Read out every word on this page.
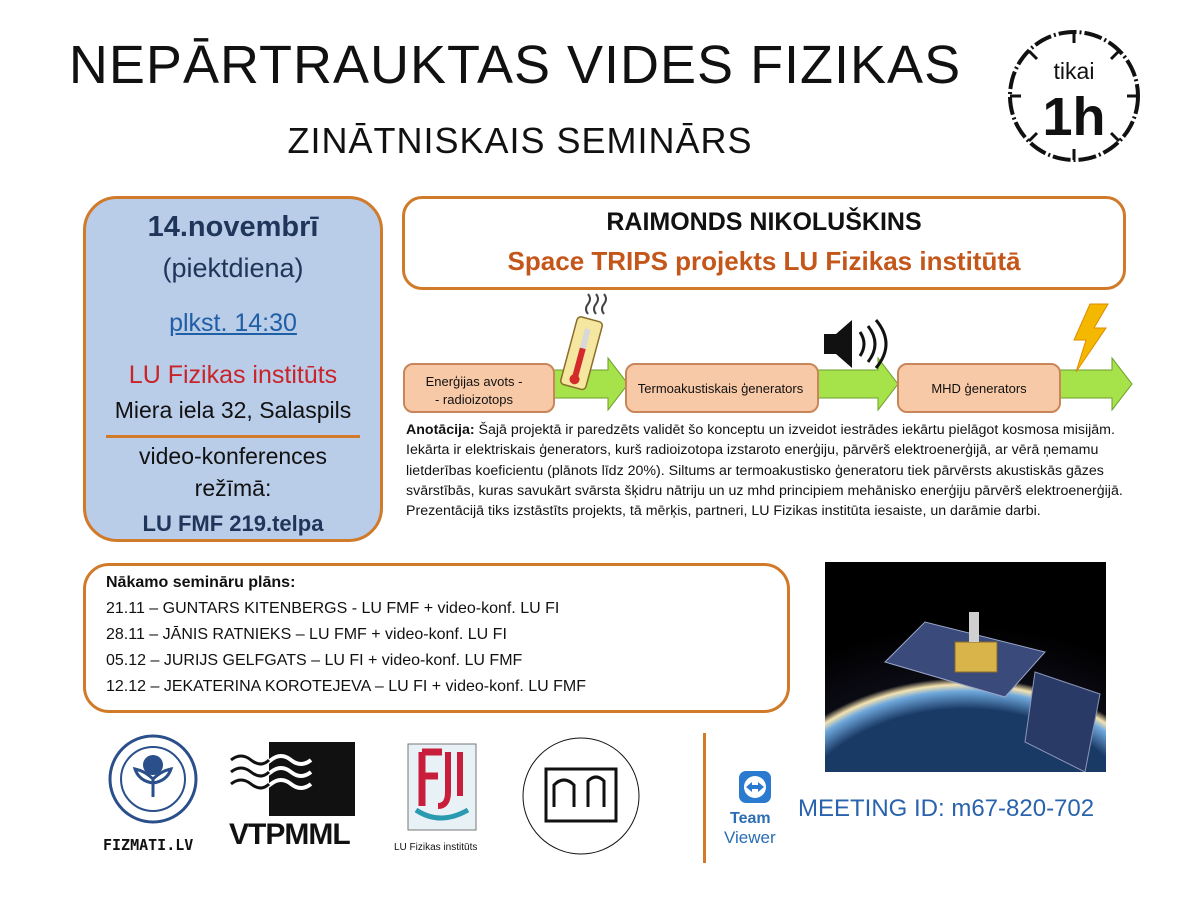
NEPĀRTRAUKTAS VIDES FIZIKAS
ZINĀTNISKAIS SEMINĀRS
tikai
1h
14.novembrī
(piektdiena)
plkst. 14:30
LU Fizikas institūts
Miera iela 32, Salaspils
video-konferences
režīmā:
LU FMF 219.telpa
RAIMONDS NIKOLUŠKINS
Space TRIPS projekts LU Fizikas institūtā
Enerģijas avots -
- radioizotops
Termoakustiskais ģenerators	MHD ģenerators
Anotācija: Šajā projektā ir paredzēts validēt šo konceptu un izveidot iestrādes iekārtu pielāgot kosmosa misijām. Iekārta ir elektriskais ģenerators, kurš radioizotopa izstaroto enerģiju, pārvērš elektroenerģijā, ar vērā ņemamu lietderības koeficientu (plānots līdz 20%). Siltums ar termoakustisko ģeneratoru tiek pārvērsts akustiskās gāzes svārstībās, kuras savukārt svārsta šķidru nātriju un uz mhd principiem mehānisko enerģiju pārvērš elektroenerģijā. Prezentācijā tiks izstāstīts projekts, tā mērķis, partneri, LU Fizikas institūta iesaiste, un darāmie darbi.
Nākamo semināru plāns:
21.11 – GUNTARS KITENBERGS - LU FMF + video-konf. LU FI
28.11 – JĀNIS RATNIEKS – LU FMF + video-konf. LU FI
05.12 – JURIJS GELFGATS – LU FI + video-konf. LU FMF
12.12 – JEKATERINA KOROTEJEVA – LU FI + video-konf. LU FMF
FIZMATI.LV VTPMML	LU Fizikas institūts
Team
Viewer
MEETING ID: m67-820-702
